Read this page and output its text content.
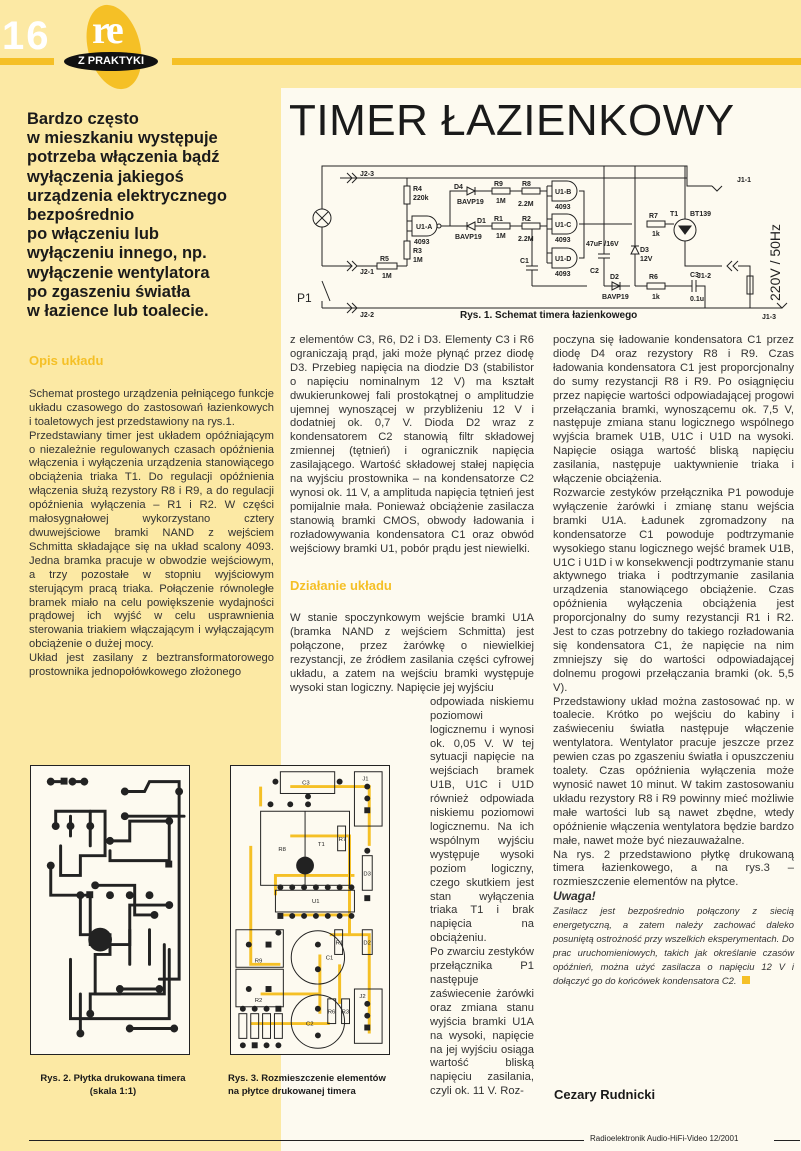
16 re
Z PRAKTYKI
Bardzo często
w mieszkaniu występuje
potrzeba włączenia bądź
wyłączenia jakiegoś
urządzenia elektrycznego
bezpośrednio
po włączeniu lub
wyłączeniu innego, np.
wyłączenie wentylatora
po zgaszeniu światła
w łazience lub toalecie.
TIMER ŁAZIENKOWY
J2-3
J2-1
J2-2
P1
R4
220k
R3
1M
R5
1M
U1-A
4093
D4
BAVP19
D1
BAVP19
R9
1M
R1
1M
R8
2.2M
R2
2.2M
C1
U1-B
4093
U1-C
4093
U1-D
4093
47uF /16V
C2
D3
12V
D2
BAVP19
R6
1k
C3
0.1u
R7
1k
T1 BT139
J1-1
J1-2
J1-3
220V / 50Hz
Rys. 1. Schemat timera łazienkowego
Opis układu

Schemat prostego urządzenia pełniącego funkcje układu czasowego do zastosowań łazienkowych i toaletowych jest przedstawiony na rys.1.

Przedstawiany timer jest układem opóźniającym o niezależnie regulowanych czasach opóźnienia włączenia i wyłączenia urządzenia stanowiącego obciążenia triaka T1. Do regulacji opóźnienia włączenia służą rezystory R8 i R9, a do regulacji opóźnienia wyłączenia – R1 i R2. W części małosygnałowej wykorzystano cztery dwuwejściowe bramki NAND z wejściem Schmitta składające się na układ scalony 4093. Jedna bramka pracuje w obwodzie wejściowym, a trzy pozostałe w stopniu wyjściowym sterującym pracą triaka. Połączenie równoległe bramek miało na celu powiększenie wydajności prądowej ich wyjść w celu usprawnienia sterowania triakiem włączającym i wyłączającym obciążenie o dużej mocy.

Układ jest zasilany z beztransformatorowego prostownika jednopołówkowego złożonego

z elementów C3, R6, D2 i D3. Elementy C3 i R6 ograniczają prąd, jaki może płynąć przez diodę D3. Przebieg napięcia na diodzie D3 (stabilistor o napięciu nominalnym 12 V) ma kształt dwukierunkowej fali prostokątnej o amplitudzie ujemnej wynoszącej w przybliżeniu 12 V i dodatniej ok. 0,7 V. Dioda D2 wraz z kondensatorem C2 stanowią filtr składowej zmiennej (tętnień) i ogranicznik napięcia zasilającego. Wartość składowej stałej napięcia na wyjściu prostownika – na kondensatorze C2 wynosi ok. 11 V, a amplituda napięcia tętnień jest pomijalnie mała. Ponieważ obciążenie zasilacza stanowią bramki CMOS, obwody ładowania i rozładowywania kondensatora C1 oraz obwód wejściowy bramki U1, pobór prądu jest niewielki.

Działanie układu

W stanie spoczynkowym wejście bramki U1A (bramka NAND z wejściem Schmitta) jest połączone, przez żarówkę o niewielkiej rezystancji, ze źródłem zasilania części cyfrowej układu, a zatem na wejściu bramki występuje wysoki stan logiczny. Napięcie jej wyjściu

odpowiada niskiemu poziomowi logicznemu i wynosi ok. 0,05 V. W tej sytuacji napięcie na wejściach bramek U1B, U1C i U1D również odpowiada niskiemu poziomowi logicznemu. Na ich wspólnym wyjściu występuje wysoki poziom logiczny, czego skutkiem jest stan wyłączenia triaka T1 i brak napięcia na obciążeniu.

Po zwarciu zestyków przełącznika P1 następuje zaświecenie żarówki oraz zmiana stanu wyjścia bramki U1A na wysoki, napięcie na jej wyjściu osiąga wartość bliską napięciu zasilania, czyli ok. 11 V. Roz-

poczyna się ładowanie kondensatora C1 przez diodę D4 oraz rezystory R8 i R9. Czas ładowania kondensatora C1 jest proporcjonalny do sumy rezystancji R8 i R9. Po osiągnięciu przez napięcie wartości odpowiadającej progowi przełączania bramki, wynoszącemu ok. 7,5 V, następuje zmiana stanu logicznego wspólnego wyjścia bramek U1B, U1C i U1D na wysoki. Napięcie osiąga wartość bliską napięciu zasilania, następuje uaktywnienie triaka i włączenie obciążenia.

Rozwarcie zestyków przełącznika P1 powoduje wyłączenie żarówki i zmianę stanu wejścia bramki U1A. Ładunek zgromadzony na kondensatorze C1 powoduje podtrzymanie wysokiego stanu logicznego wejść bramek U1B, U1C i U1D i w konsekwencji podtrzymanie stanu aktywnego triaka i podtrzymanie zasilania urządzenia stanowiącego obciążenie. Czas opóźnienia wyłączenia obciążenia jest proporcjonalny do sumy rezystancji R1 i R2. Jest to czas potrzebny do takiego rozładowania się kondensatora C1, że napięcie na nim zmniejszy się do wartości odpowiadającej dolnemu progowi przełączania bramki (ok. 5,5 V).

Przedstawiony układ można zastosować np. w toalecie. Krótko po wejściu do kabiny i zaświeceniu światła następuje włączenie wentylatora. Wentylator pracuje jeszcze przez pewien czas po zgaszeniu światła i opuszczeniu toalety. Czas opóźnienia wyłączenia może wynosić nawet 10 minut. W takim zastosowaniu układu rezystory R8 i R9 powinny mieć możliwie małe wartości lub są nawet zbędne, wtedy opóźnienie włączenia wentylatora będzie bardzo małe, nawet może być niezauważalne.

Na rys. 2 przedstawiono płytkę drukowaną timera łazienkowego, a na rys.3 – rozmieszczenie elementów na płytce.

Uwaga!

Zasilacz jest bezpośrednio połączony z siecią energetyczną, a zatem należy zachować daleko posuniętą ostrożność przy wszelkich eksperymentach. Do prac uruchomieniowych, takich jak określanie czasów opóźnień, można użyć zasilacza o napięciu 12 V i dołączyć go do końcówek kondensatora C2.

Cezary Rudnicki
C3
J1
R8
T1
R7
D3
U1
R9	C1
R1	D2
R2
J2
C2
R6 R3
Rys. 2. Płytka drukowana timera (skala 1:1)
Rys. 3. Rozmieszczenie elementów na płytce drukowanej timera
Radioelektronik Audio-HiFi-Video 12/2001
